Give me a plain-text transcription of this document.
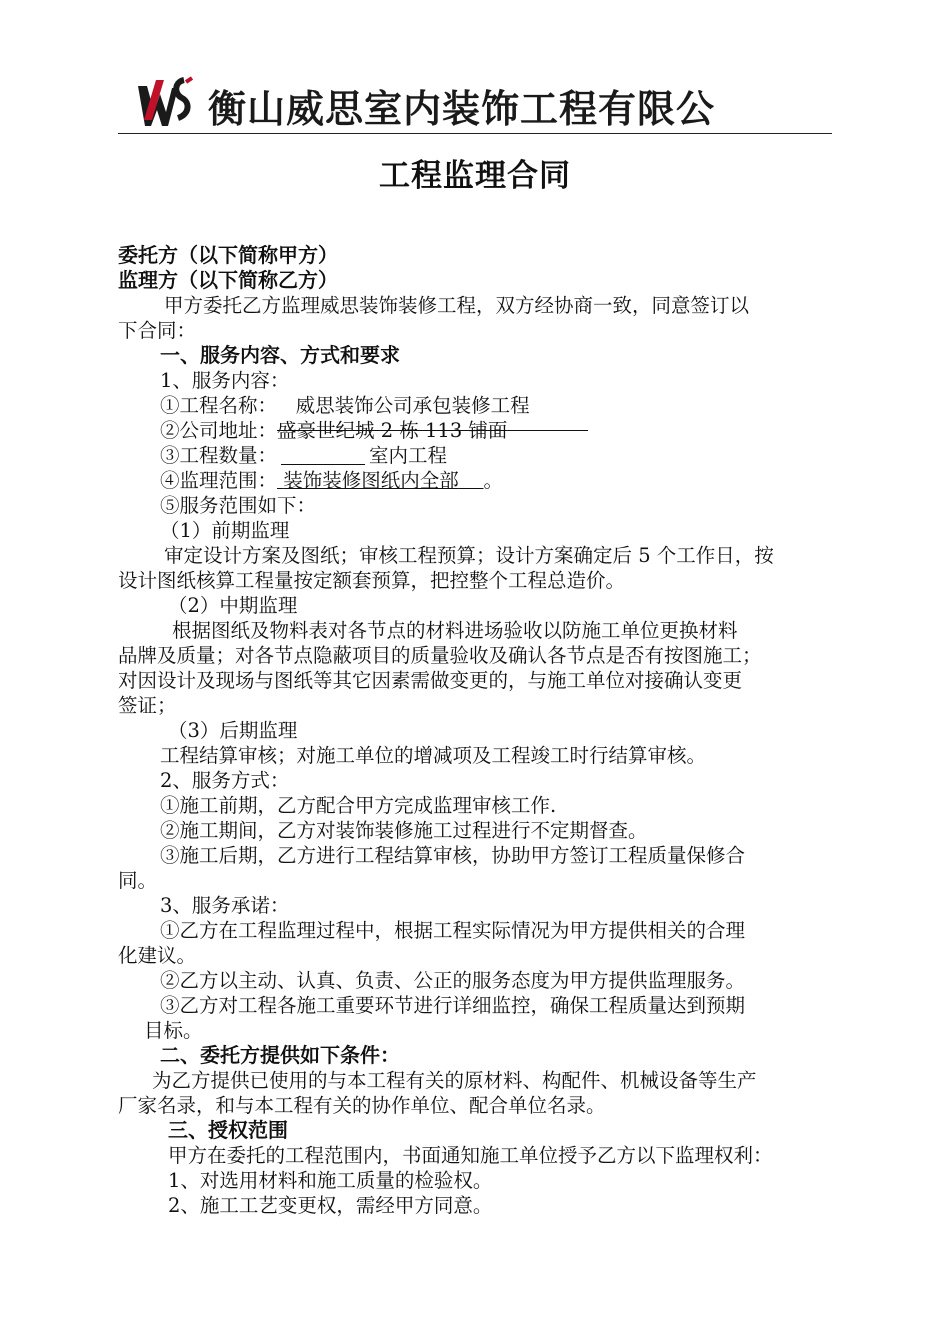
衡山威思室内装饰工程有限公
工程监理合同
委托方（以下简称甲方）
监理方（以下简称乙方）
甲方委托乙方监理威思装饰装修工程，双方经协商一致，同意签订以
下合同：
一、服务内容、方式和要求
1、服务内容：
①工程名称： 威思装饰公司承包装修工程
②公司地址：盛豪世纪城 2 栋 113 铺面
③工程数量：	室内工程
④监理范围： 装饰装修图纸内全部 。
⑤服务范围如下：
（1）前期监理
审定设计方案及图纸；审核工程预算；设计方案确定后 5 个工作日，按
设计图纸核算工程量按定额套预算，把控整个工程总造价。
（2）中期监理
根据图纸及物料表对各节点的材料进场验收以防施工单位更换材料
品牌及质量；对各节点隐蔽项目的质量验收及确认各节点是否有按图施工；
对因设计及现场与图纸等其它因素需做变更的，与施工单位对接确认变更
签证；
（3）后期监理
工程结算审核；对施工单位的增减项及工程竣工时行结算审核。
2、服务方式：
①施工前期，乙方配合甲方完成监理审核工作.
②施工期间，乙方对装饰装修施工过程进行不定期督查。
③施工后期，乙方进行工程结算审核，协助甲方签订工程质量保修合
同。
3、服务承诺：
①乙方在工程监理过程中，根据工程实际情况为甲方提供相关的合理
化建议。
②乙方以主动、认真、负责、公正的服务态度为甲方提供监理服务。
③乙方对工程各施工重要环节进行详细监控，确保工程质量达到预期
目标。
二、委托方提供如下条件：
为乙方提供已使用的与本工程有关的原材料、构配件、机械设备等生产
厂家名录，和与本工程有关的协作单位、配合单位名录。
三、授权范围
甲方在委托的工程范围内，书面通知施工单位授予乙方以下监理权利：
1、对选用材料和施工质量的检验权。
2、施工工艺变更权，需经甲方同意。
